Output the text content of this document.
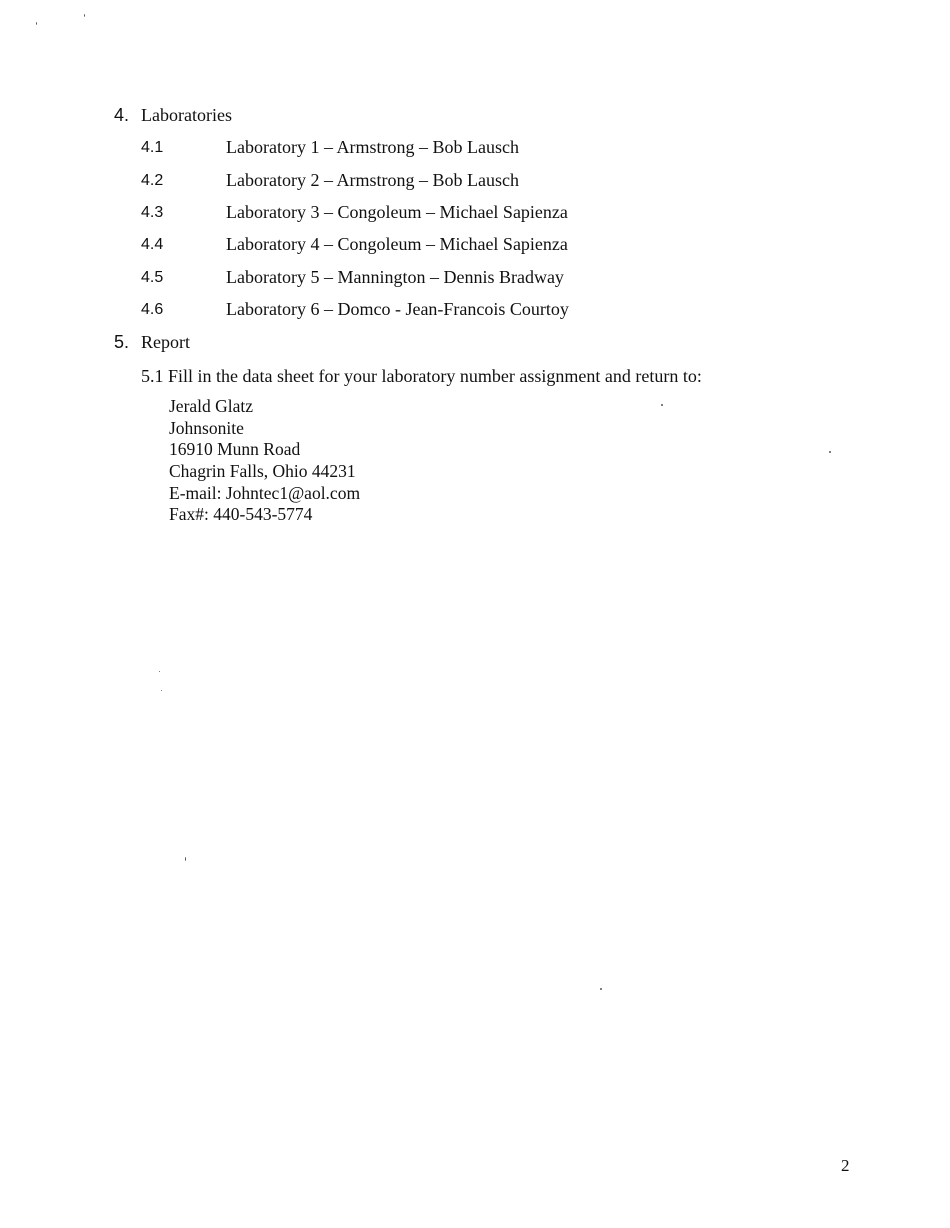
4. Laboratories
4.1	Laboratory 1 – Armstrong – Bob Lausch
4.2	Laboratory 2 – Armstrong – Bob Lausch
4.3	Laboratory 3 – Congoleum – Michael Sapienza
4.4	Laboratory 4 – Congoleum – Michael Sapienza
4.5	Laboratory 5 – Mannington – Dennis Bradway
4.6	Laboratory 6 – Domco - Jean-Francois Courtoy
5. Report
5.1 Fill in the data sheet for your laboratory number assignment and return to:
Jerald Glatz
Johnsonite
16910 Munn Road
Chagrin Falls, Ohio 44231
E-mail: Johntec1@aol.com
Fax#: 440-543-5774
2
